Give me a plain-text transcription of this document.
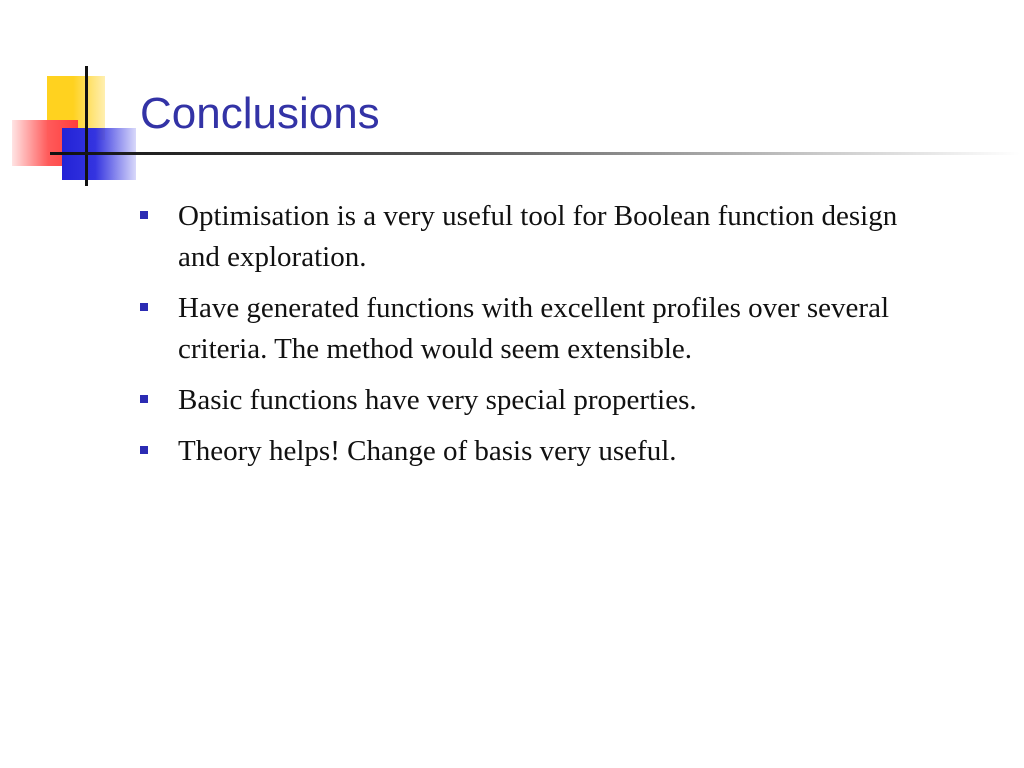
Conclusions
Optimisation is a very useful tool for Boolean function design and exploration.
Have generated functions with excellent profiles over several criteria. The method would seem extensible.
Basic functions have very special properties.
Theory helps! Change of basis very useful.
